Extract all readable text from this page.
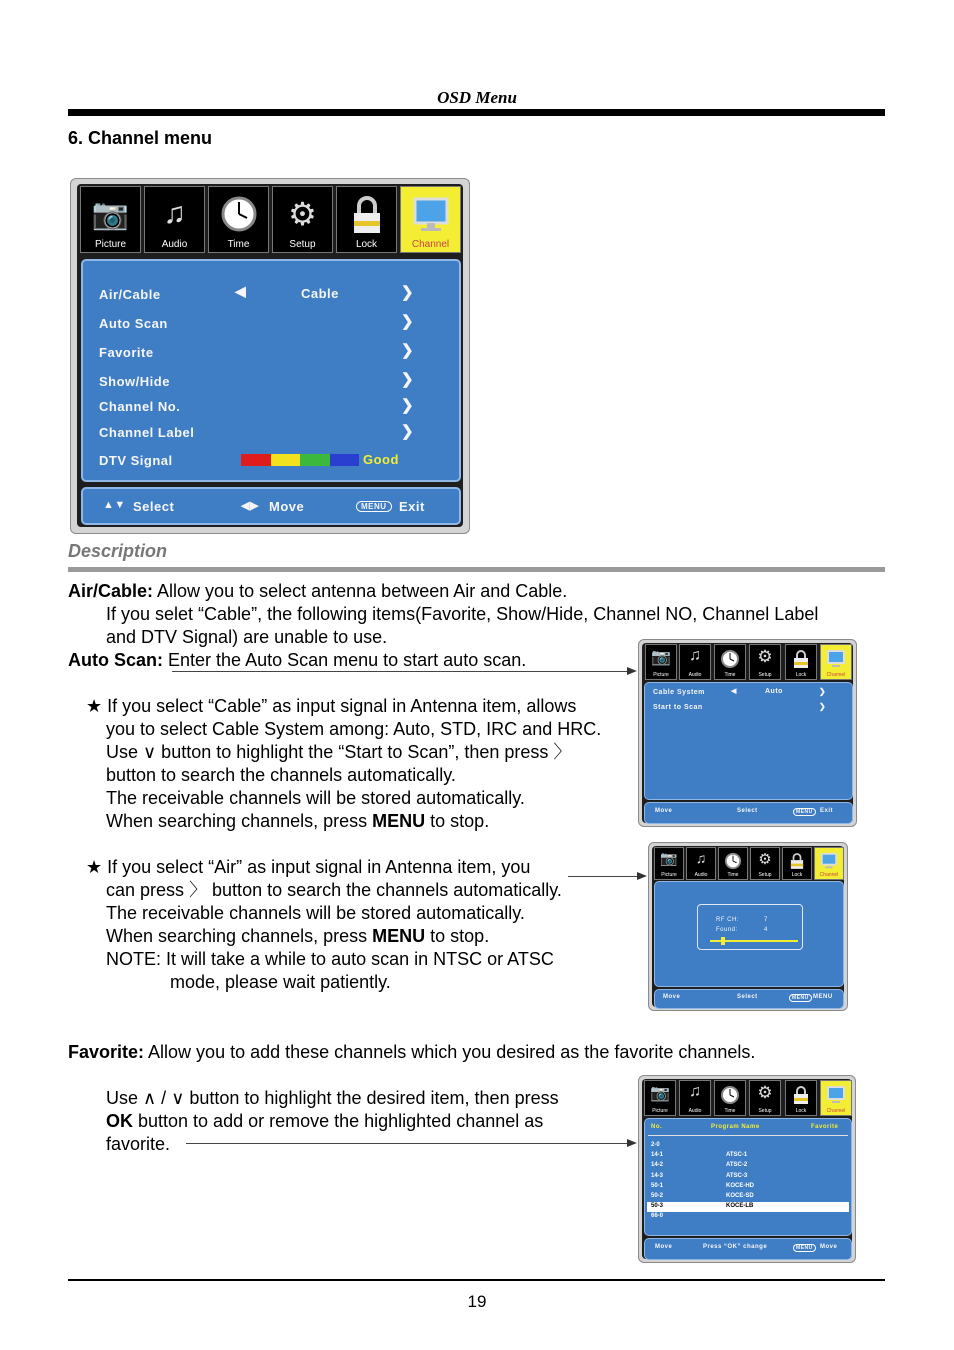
OSD Menu
6. Channel menu
📷
Picture
♫
Audio	Time
⚙
Setup	Lock	Channel
Air/Cable	◀	Cable	❯
Auto Scan	❯
Favorite	❯
Show/Hide	❯
Channel No.	❯
Channel Label	❯
DTV Signal	Good
▲▼ Select	◀▶ Move	MENU Exit
Description
Air/Cable: Allow you to select antenna between Air and Cable.
If you selet “Cable”, the following items(Favorite, Show/Hide, Channel NO, Channel Label
and DTV Signal) are unable to use.
Auto Scan: Enter the Auto Scan menu to start auto scan.
★ If you select “Cable” as input signal in Antenna item, allows
you to select Cable System among: Auto, STD, IRC and HRC.
Use ∨ button to highlight the “Start to Scan”, then press 〉
button to search the channels automatically.
The receivable channels will be stored automatically.
When searching channels, press MENU to stop.
📷
Picture
♫
Audio	Time
⚙
Setup	Lock	Channel
Cable System	◀	Auto	❯
Start to Scan	❯
Move	Select	MENU	Exit
★ If you select “Air” as input signal in Antenna item, you
can press 〉 button to search the channels automatically.
The receivable channels will be stored automatically.
When searching channels, press MENU to stop.
NOTE: It will take a while to auto scan in NTSC or ATSC
mode, please wait patiently.
📷
Picture
♫
Audio	Time
⚙
Setup	Lock	Channel
RF CH:	7
Found:	4
Move	Select	MENU MENU
Favorite: Allow you to add these channels which you desired as the favorite channels.
Use ∧ / ∨ button to highlight the desired item, then press
OK button to add or remove the highlighted channel as
favorite.
📷
Picture
♫
Audio	Time
⚙
Setup	Lock	Channel
No.	Program Name	Favorite
2-0
14-1	ATSC-1
14-2	ATSC-2
14-3	ATSC-3
50-1	KOCE-HD
50-2	KOCE-SD
50-3	KOCE-LB
66-0
Move	Press “OK” change	MENU	Move
19
